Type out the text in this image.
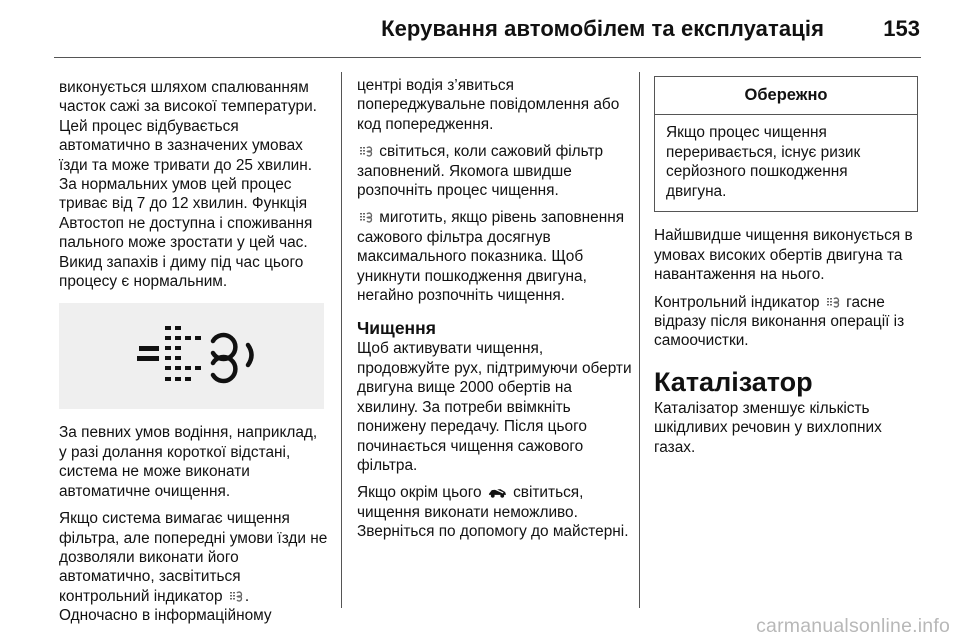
Керування автомобілем та експлуатація	153

виконується шляхом спалюванням часток сажі за високої температури. Цей процес відбувається автоматично в зазначених умовах їзди та може тривати до 25 хвилин. За нормальних умов цей процес триває від 7 до 12 хвилин. Функція Автостоп не доступна і споживання пального може зростати у цей час. Викид запахів і диму під час цього процесу є нормальним.

За певних умов водіння, наприклад, у разі долання короткої відстані, система не може виконати автоматичне очищення.

Якщо система вимагає чищення фільтра, але попередні умови їзди не дозволяли виконати його автоматично, засвітиться контрольний індикатор .

Одночасно в інформаційному

центрі водія з’явиться попереджувальне повідомлення або код попередження.

світиться, коли сажовий фільтр заповнений. Якомога швидше розпочніть процес чищення.

миготить, якщо рівень заповнення сажового фільтра досягнув максимального показника. Щоб уникнути пошкодження двигуна, негайно розпочніть чищення.

Чищення

Щоб активувати чищення, продовжуйте рух, підтримуючи оберти двигуна вище 2000 обертів на хвилину. За потреби ввімкніть понижену передачу. Після цього починається чищення сажового фільтра.

Якщо окрім цього світиться, чищення виконати неможливо. Зверніться по допомогу до майстерні.

Обережно
Якщо процес чищення переривається, існує ризик серйозного пошкодження двигуна.

Найшвидше чищення виконується в умовах високих обертів двигуна та навантаження на нього.

Контрольний індикатор гасне відразу після виконання операції із самоочистки.

Каталізатор

Каталізатор зменшує кількість шкідливих речовин у вихлопних газах.

carmanualsonline.info
